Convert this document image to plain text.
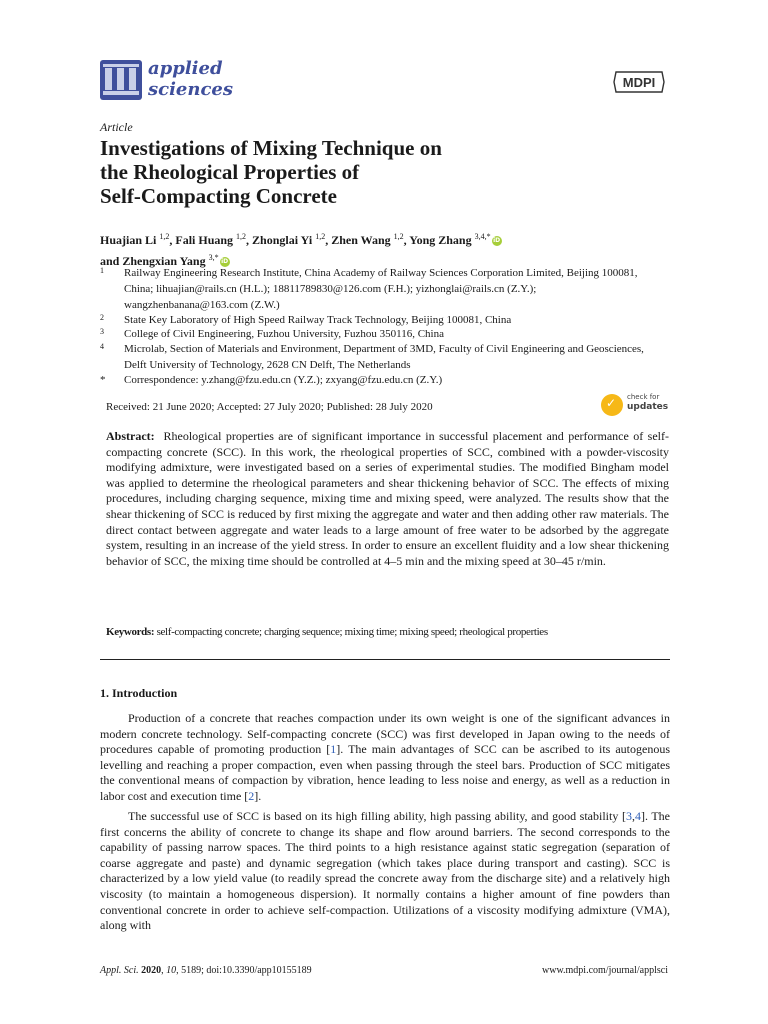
applied
sciences	MDPI
Article
Investigations of Mixing Technique on
the Rheological Properties of
Self-Compacting Concrete
Huajian Li $^{1,2}$, Fali Huang $^{1,2}$, Zhonglai Yi $^{1,2}$, Zhen Wang $^{1,2}$, Yong Zhang $^{3,4,*}$ iD
and Zhengxian Yang $^{3,*}$ iD
1	Railway Engineering Research Institute, China Academy of Railway Sciences Corporation Limited, Beijing 100081, China; lihuajian@rails.cn (H.L.); 18811789830@126.com (F.H.); yizhonglai@rails.cn (Z.Y.); wangzhenbanana@163.com (Z.W.)
2	State Key Laboratory of High Speed Railway Track Technology, Beijing 100081, China
3	College of Civil Engineering, Fuzhou University, Fuzhou 350116, China
4	Microlab, Section of Materials and Environment, Department of 3MD, Faculty of Civil Engineering and Geosciences, Delft University of Technology, 2628 CN Delft, The Netherlands
*	Correspondence: y.zhang@fzu.edu.cn (Y.Z.); zxyang@fzu.edu.cn (Z.Y.)
Received: 21 June 2020; Accepted: 27 July 2020; Published: 28 July 2020
✓
check for
updates
Abstract: Rheological properties are of significant importance in successful placement and performance of self-compacting concrete (SCC). In this work, the rheological properties of SCC, combined with a powder-viscosity modifying admixture, were investigated based on a series of experimental studies. The modified Bingham model was applied to determine the rheological parameters and shear thickening behavior of SCC. The effects of mixing procedures, including charging sequence, mixing time and mixing speed, were analyzed. The results show that the shear thickening of SCC is reduced by first mixing the aggregate and water and then adding other raw materials. The direct contact between aggregate and water leads to a large amount of free water to be adsorbed by the aggregate system, resulting in an increase of the yield stress. In order to ensure an excellent fluidity and a low shear thickening behavior of SCC, the mixing time should be controlled at 4–5 min and the mixing speed at 30–45 r/min.
Keywords: self-compacting concrete; charging sequence; mixing time; mixing speed; rheological properties
1. Introduction
Production of a concrete that reaches compaction under its own weight is one of the significant advances in modern concrete technology. Self-compacting concrete (SCC) was first developed in Japan owing to the needs of procedures capable of promoting production [1]. The main advantages of SCC can be ascribed to its autogenous levelling and reaching a proper compaction, even when passing through the steel bars. Production of SCC mitigates the conventional means of compaction by vibration, hence leading to less noise and energy, as well as a reduction in labor cost and execution time [2].
The successful use of SCC is based on its high filling ability, high passing ability, and good stability [3,4]. The first concerns the ability of concrete to change its shape and flow around barriers. The second corresponds to the capability of passing narrow spaces. The third points to a high resistance against static segregation (separation of coarse aggregate and paste) and dynamic segregation (which takes place during transport and casting). SCC is characterized by a low yield value (to readily spread the concrete away from the discharge site) and a relatively high viscosity (to maintain a homogeneous dispersion). It normally contains a higher amount of fine powders than conventional concrete in order to achieve self-compaction. Utilizations of a viscosity modifying admixture (VMA), along with
Appl. Sci. 2020, 10, 5189; doi:10.3390/app10155189	www.mdpi.com/journal/applsci
